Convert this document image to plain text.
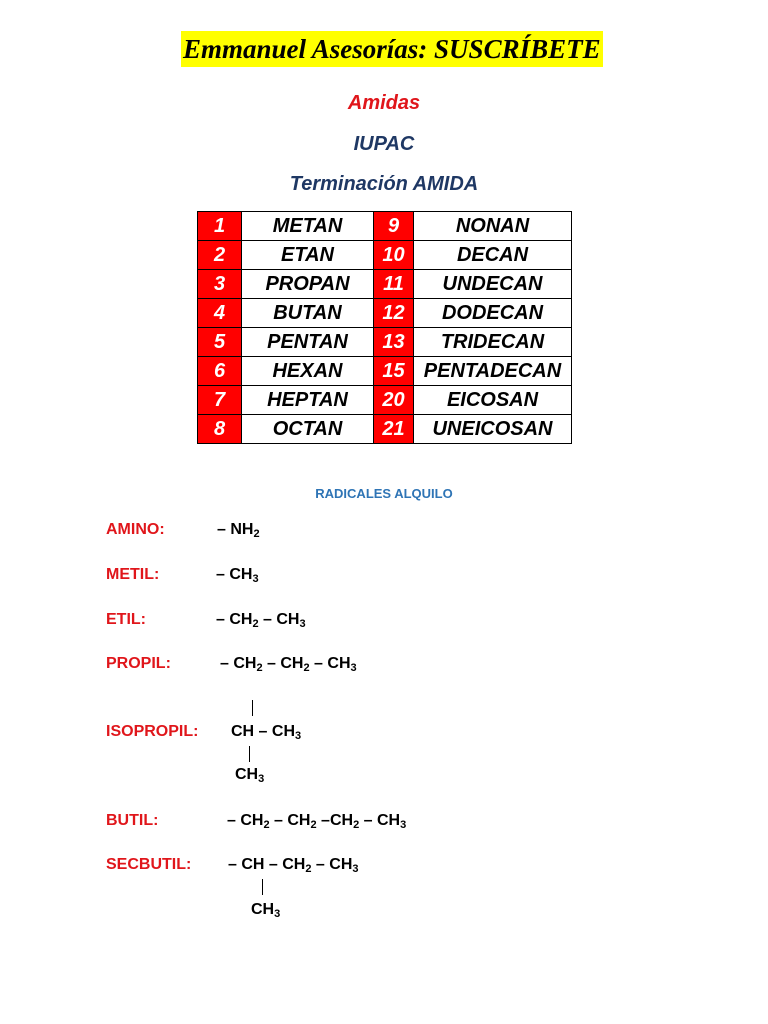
Emmanuel Asesorías: SUSCRÍBETE
Amidas
IUPAC
Terminación AMIDA
1	METAN	9	NONAN
2	ETAN	10	DECAN
3	PROPAN	11	UNDECAN
4	BUTAN	12	DODECAN
5	PENTAN	13	TRIDECAN
6	HEXAN	15	PENTADECAN
7	HEPTAN	20	EICOSAN
8	OCTAN	21	UNEICOSAN
RADICALES ALQUILO
AMINO:	– $NH_2$
METIL:	– $CH_3$
ETIL:	– $CH_2 - CH_3$
PROPIL:	– $CH_2 - CH_2 - CH_3$
ISOPROPIL: CH – $CH_3$
$CH_3$
BUTIL:	– $CH_2 - CH_2$ $-CH_2 - CH_3$
SECBUTIL: – CH – $CH_2 - CH_3$
$CH_3$
